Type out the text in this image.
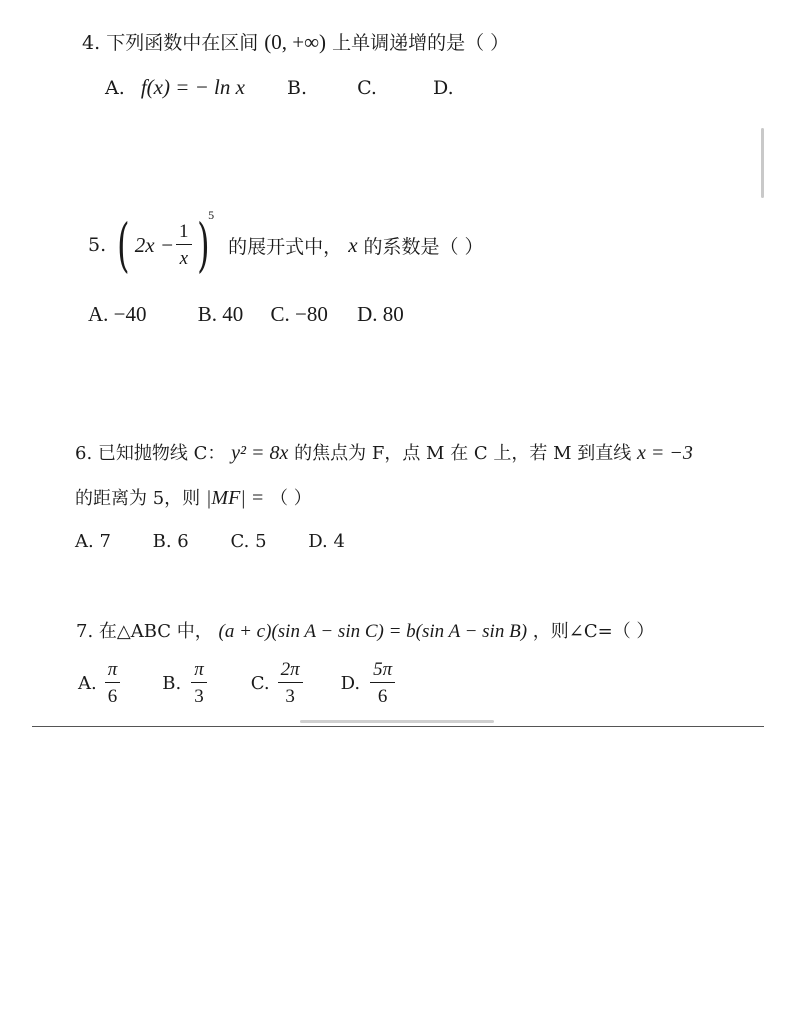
4. 下列函数中在区间 (0, +∞) 上单调递增的是（ ）
A. f(x) = − ln x B.	C.	D.
5. ( $2x - \frac{1}{x}$ ) 5
的展开式中， x 的系数是（ ）
A. −40 B. 40 C. −80 D. 80
6. 已知抛物线 C： y² = 8x 的焦点为 F，点 M 在 C 上，若 M 到直线 x = −3
的距离为 5，则 |MF| = （ ）
A. 7 B. 6 C. 5 D. 4
7. 在△ABC 中， (a + c)(sin A − sin C) = b(sin A − sin B) ，则∠C=（ ）
A. $\frac{\pi}{6} B$. $\frac{\pi}{3} C$. $\frac{2\pi}{3} D$. $\frac{5\pi}{6}$
